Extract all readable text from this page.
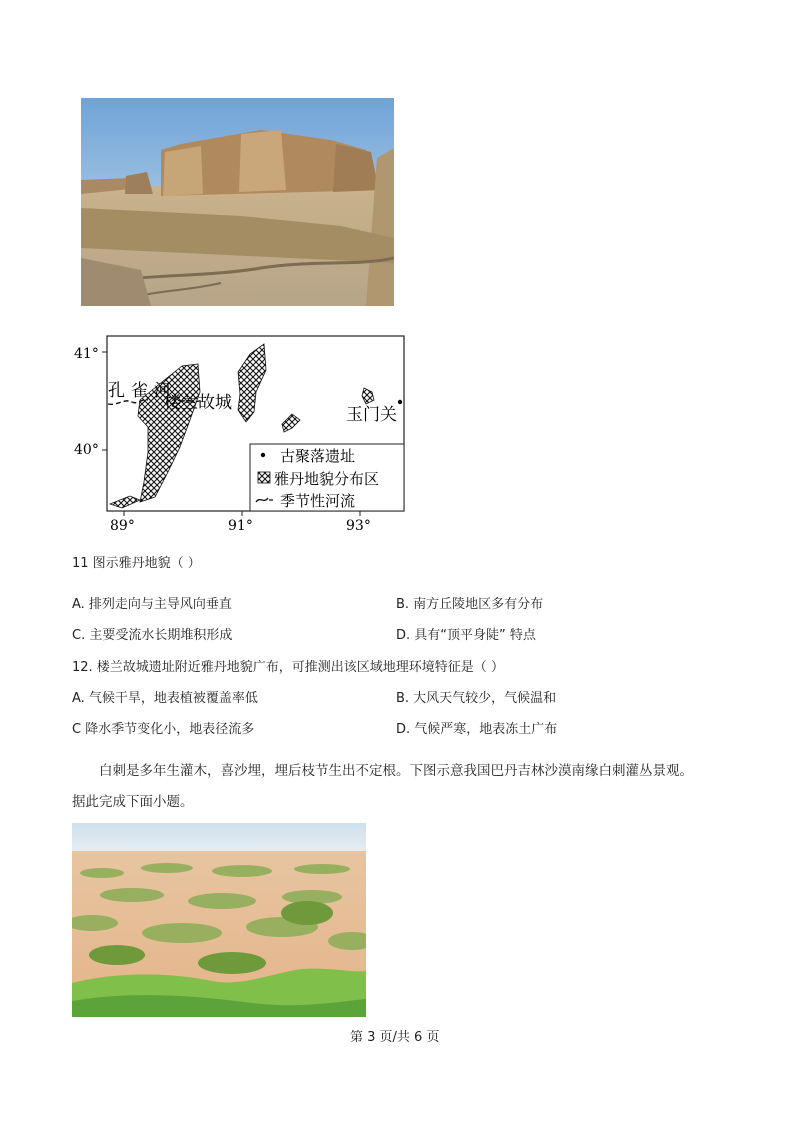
41°
40°
89°	91°	93°
孔雀河
楼兰故城
玉门关
古聚落遗址
雅丹地貌分布区
季节性河流
11 图示雅丹地貌（ ）
A. 排列走向与主导风向垂直	B. 南方丘陵地区多有分布
C. 主要受流水长期堆积形成	D. 具有“顶平身陡” 特点
12. 楼兰故城遗址附近雅丹地貌广布，可推测出该区域地理环境特征是（ ）
A. 气候干旱，地表植被覆盖率低	B. 大风天气较少，气候温和
C 降水季节变化小，地表径流多	D. 气候严寒，地表冻土广布
白刺是多年生灌木，喜沙埋，埋后枝节生出不定根。下图示意我国巴丹吉林沙漠南缘白刺灌丛景观。
据此完成下面小题。
第 3 页/共 6 页
